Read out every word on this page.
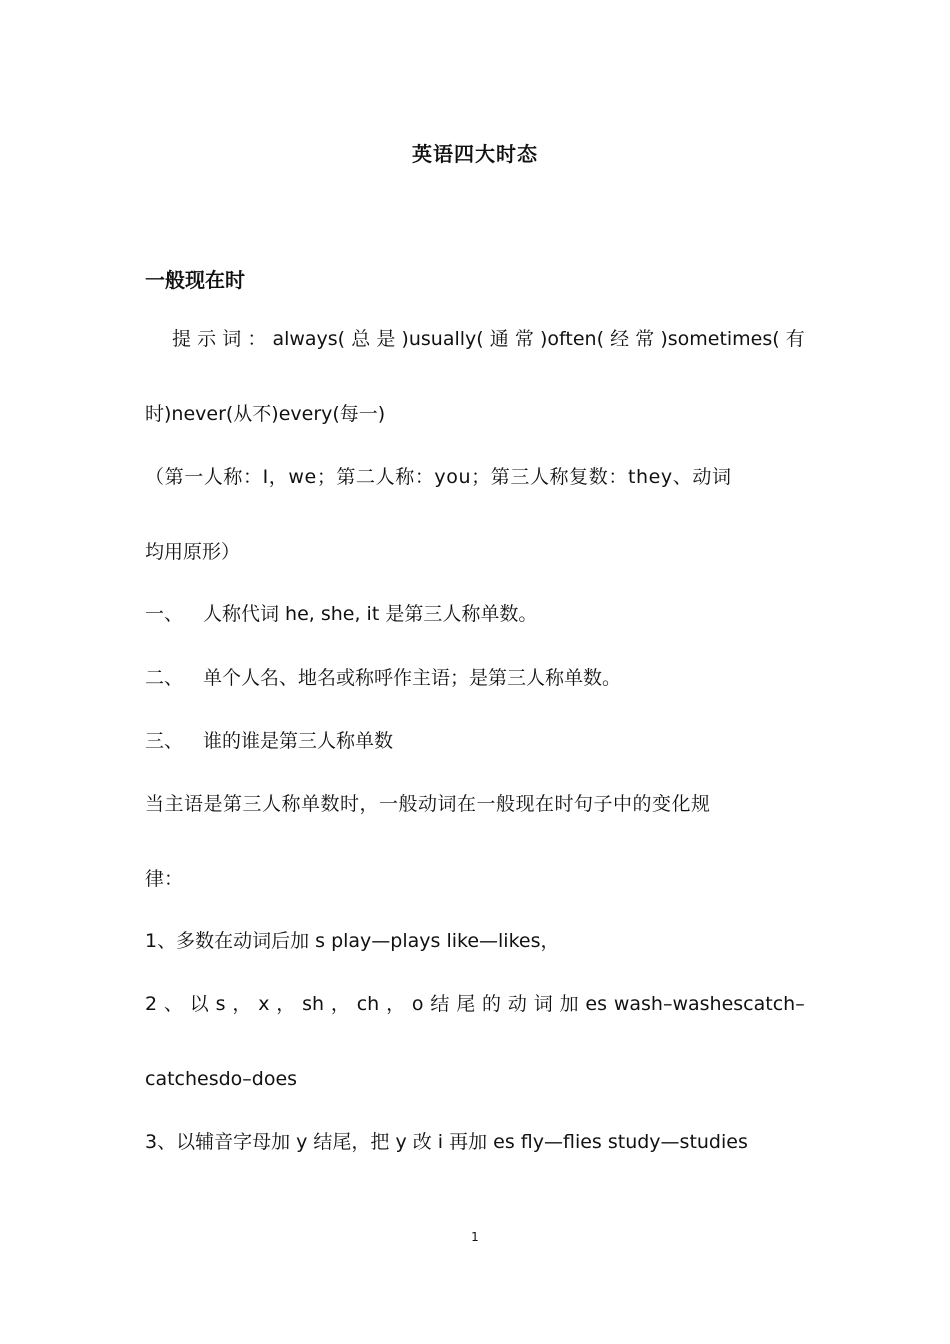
英语四大时态
一般现在时
提 示 词 ： always( 总 是 )usually( 通 常 )often( 经 常 )sometimes( 有
时)never(从不)every(每一)
（第一人称：I，we；第二人称：you；第三人称复数：they、动词
均用原形）
一、 人称代词 he, she, it 是第三人称单数。
二、 单个人名、地名或称呼作主语；是第三人称单数。
三、 谁的谁是第三人称单数
当主语是第三人称单数时，一般动词在一般现在时句子中的变化规
律：
1、多数在动词后加 s play—plays like—likes，
2 、 以 s ， x ， sh ， ch ， o 结 尾 的 动 词 加 es wash–washescatch–
catchesdo–does
3、以辅音字母加 y 结尾，把 y 改 i 再加 es fly—flies study—studies
1
